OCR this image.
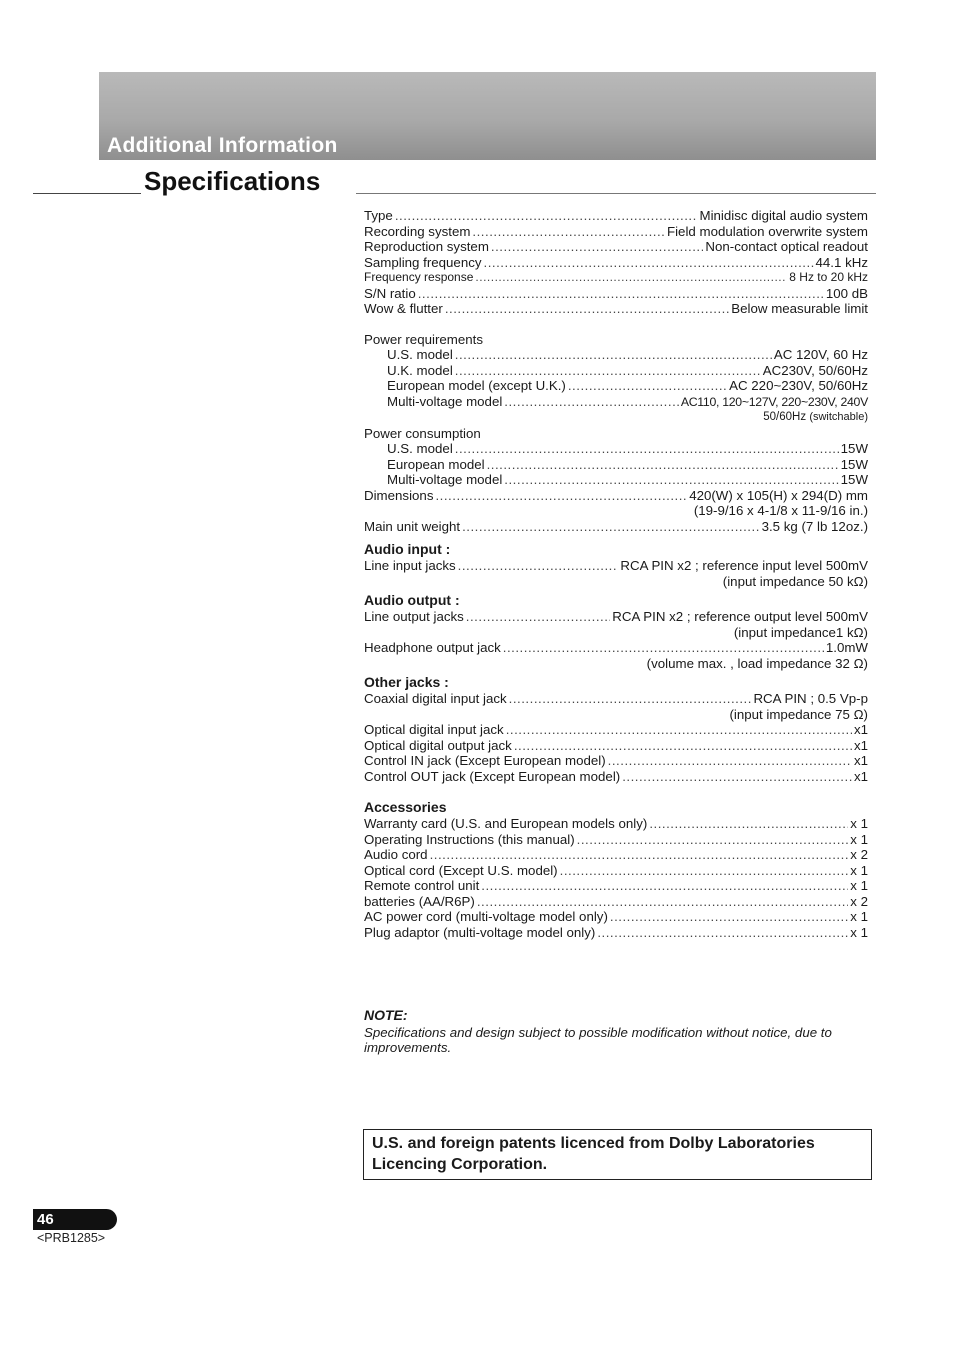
Additional Information
Specifications
Type .....	Minidisc digital audio system
Recording system .....	Field modulation overwrite system
Reproduction system .....	Non-contact optical readout
Sampling frequency .....	44.1 kHz
Frequency response .....	8 Hz to 20 kHz
S/N ratio .....	100 dB
Wow & flutter .....	Below measurable limit
Power requirements
U.S. model .....	AC 120V, 60 Hz
U.K. model .....	AC230V, 50/60Hz
European model (except U.K.) .....	AC 220~230V, 50/60Hz
Multi-voltage model .....	AC110, 120~127V, 220~230V, 240V
50/60Hz (switchable)
Power consumption
U.S. model .....	15W
European model .....	15W
Multi-voltage model .....	15W
Dimensions .....	420(W) x 105(H) x 294(D) mm
(19-9/16 x 4-1/8 x 11-9/16 in.)
Main unit weight .....	3.5 kg (7 lb 12oz.)
Audio input :
Line input jacks .....	RCA PIN x2 ; reference input level 500mV
(input impedance 50 kΩ)
Audio output :
Line output jacks .....	RCA PIN x2 ; reference output level 500mV
(input impedance1 kΩ)
Headphone output jack .....	1.0mW
(volume max. , load impedance 32 Ω)
Other jacks :
Coaxial digital input jack .....	RCA PIN ; 0.5 Vp-p
(input impedance 75 Ω)
Optical digital input jack .....	x1
Optical digital output jack .....	x1
Control IN jack (Except European model) .....	x1
Control OUT jack (Except European model) .....	x1
Accessories
Warranty card (U.S. and European models only) .....	x 1
Operating Instructions (this manual) .....	x 1
Audio cord .....	x 2
Optical cord (Except U.S. model) .....	x 1
Remote control unit .....	x 1
batteries (AA/R6P) .....	x 2
AC power cord (multi-voltage model only) .....	x 1
Plug adaptor (multi-voltage model only) .....	x 1
NOTE:
Specifications and design subject to possible modification without notice, due to improvements.
U.S. and foreign patents licenced from Dolby Laboratories Licencing Corporation.
46
<PRB1285>
